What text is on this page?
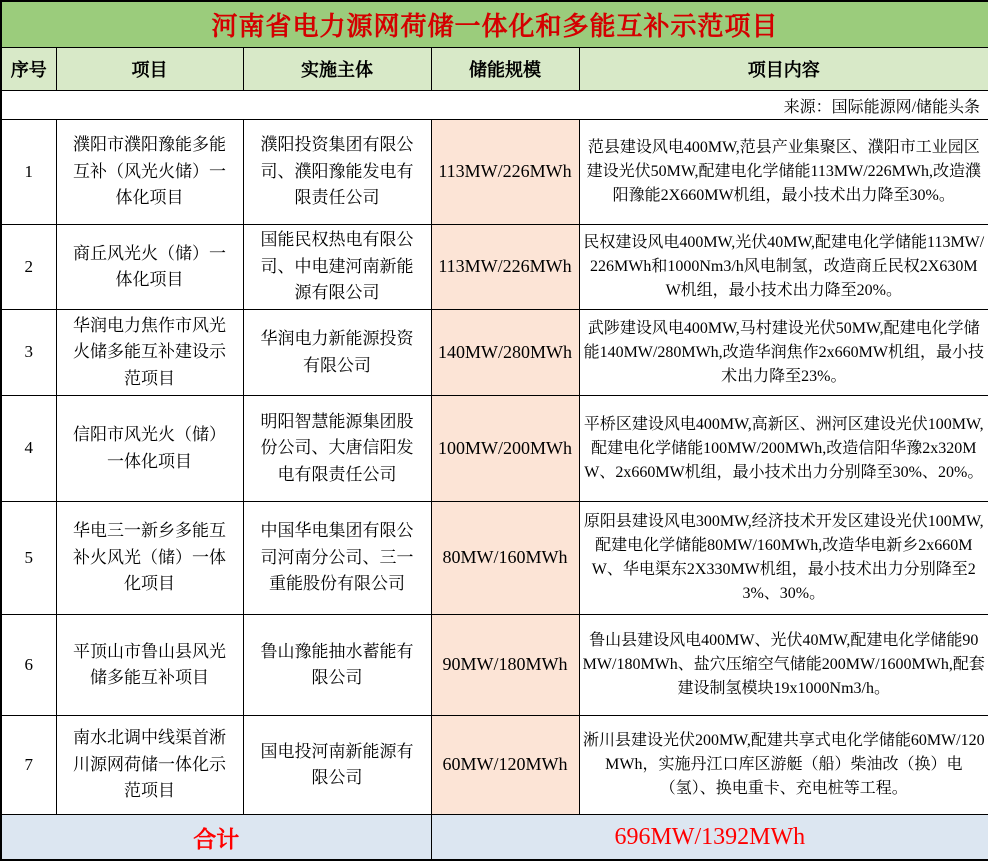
河南省电力源网荷储一体化和多能互补示范项目				
序号	项目	实施主体	储能规模	项目内容
来源：国际能源网/储能头条				
1	濮阳市濮阳豫能多能互补（风光火储）一体化项目	濮阳投资集团有限公司、濮阳豫能发电有限责任公司	113MW/226MWh	范县建设风电400MW,范县产业集聚区、濮阳市工业园区建设光伏50MW,配建电化学储能113MW/226MWh,改造濮阳豫能2X660MW机组，最小技术出力降至30%。
2	商丘风光火（储）一体化项目	国能民权热电有限公司、中电建河南新能源有限公司	113MW/226MWh	民权建设风电400MW,光伏40MW,配建电化学储能113MW/226MWh和1000Nm3/h风电制氢，改造商丘民权2X630MW机组，最小技术出力降至20%。
3	华润电力焦作市风光火储多能互补建设示范项目	华润电力新能源投资有限公司	140MW/280MWh	武陟建设风电400MW,马村建设光伏50MW,配建电化学储能140MW/280MWh,改造华润焦作2x660MW机组，最小技术出力降至23%。
4	信阳市风光火（储）一体化项目	明阳智慧能源集团股份公司、大唐信阳发电有限责任公司	100MW/200MWh	平桥区建设风电400MW,高新区、洲河区建设光伏100MW,配建电化学储能100MW/200MWh,改造信阳华豫2x320MW、2x660MW机组，最小技术出力分别降至30%、20%。
5	华电三一新乡多能互补火风光（储）一体化项目	中国华电集团有限公司河南分公司、三一重能股份有限公司	80MW/160MWh	原阳县建设风电300MW,经济技术开发区建设光伏100MW,配建电化学储能80MW/160MWh,改造华电新乡2x660MW、华电渠东2X330MW机组，最小技术出力分别降至23%、30%。
6	平顶山市鲁山县风光储多能互补项目	鲁山豫能抽水蓄能有限公司	90MW/180MWh	鲁山县建设风电400MW、光伏40MW,配建电化学储能90MW/180MWh、盐穴压缩空气储能200MW/1600MWh,配套建设制氢模块19x1000Nm3/h。
7	南水北调中线渠首淅川源网荷储一体化示范项目	国电投河南新能源有限公司	60MW/120MWh	淅川县建设光伏200MW,配建共享式电化学储能60MW/120MWh，实施丹江口库区游艇（船）柴油改（换）电（氢）、换电重卡、充电桩等工程。
合计			696MW/1392MWh	
